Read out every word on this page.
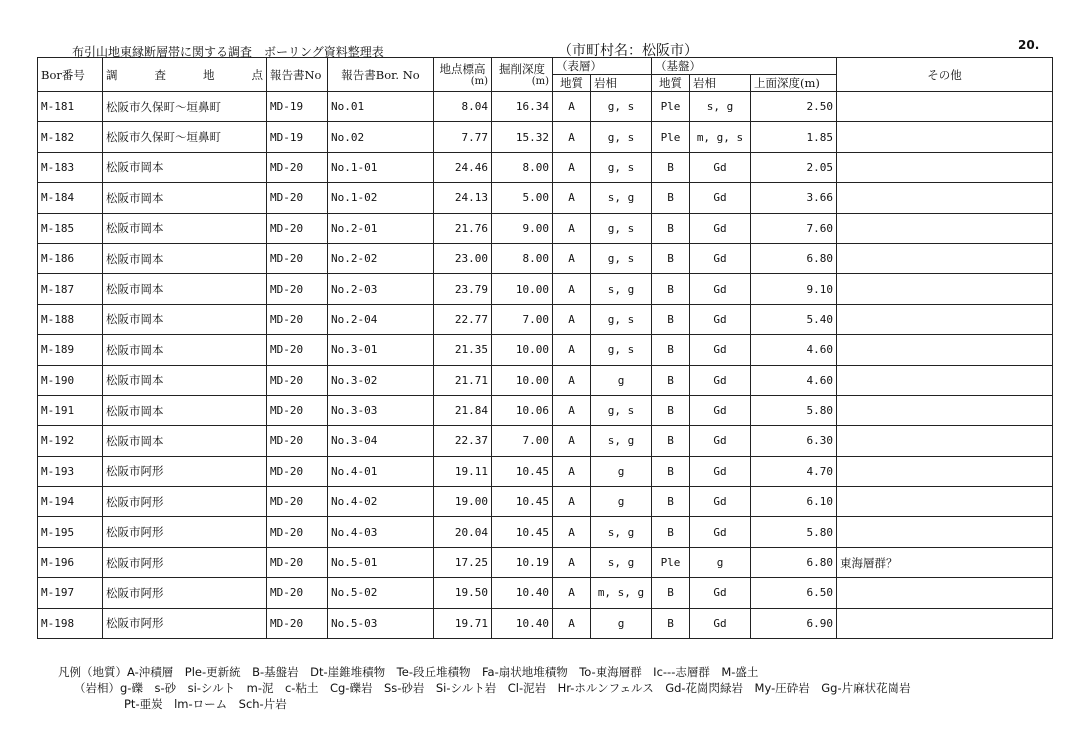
布引山地東縁断層帯に関する調査　ボーリング資料整理表	（市町村名：松阪市）	20.
Bor番号	調 査 地 点	報告書No	報告書Bor. No	地点標高
(m)	掘削深度
(m)	（表層）		（基盤）			その他
						地質	岩相	地質	岩相	上面深度(m)	
M-181	松阪市久保町～垣鼻町	MD-19	No.01	8.04	16.34	A	g, s	Ple	s, g	2.50	
M-182	松阪市久保町～垣鼻町	MD-19	No.02	7.77	15.32	A	g, s	Ple	m, g, s	1.85	
M-183	松阪市岡本	MD-20	No.1-01	24.46	8.00	A	g, s	B	Gd	2.05	
M-184	松阪市岡本	MD-20	No.1-02	24.13	5.00	A	s, g	B	Gd	3.66	
M-185	松阪市岡本	MD-20	No.2-01	21.76	9.00	A	g, s	B	Gd	7.60	
M-186	松阪市岡本	MD-20	No.2-02	23.00	8.00	A	g, s	B	Gd	6.80	
M-187	松阪市岡本	MD-20	No.2-03	23.79	10.00	A	s, g	B	Gd	9.10	
M-188	松阪市岡本	MD-20	No.2-04	22.77	7.00	A	g, s	B	Gd	5.40	
M-189	松阪市岡本	MD-20	No.3-01	21.35	10.00	A	g, s	B	Gd	4.60	
M-190	松阪市岡本	MD-20	No.3-02	21.71	10.00	A	g	B	Gd	4.60	
M-191	松阪市岡本	MD-20	No.3-03	21.84	10.06	A	g, s	B	Gd	5.80	
M-192	松阪市岡本	MD-20	No.3-04	22.37	7.00	A	s, g	B	Gd	6.30	
M-193	松阪市阿形	MD-20	No.4-01	19.11	10.45	A	g	B	Gd	4.70	
M-194	松阪市阿形	MD-20	No.4-02	19.00	10.45	A	g	B	Gd	6.10	
M-195	松阪市阿形	MD-20	No.4-03	20.04	10.45	A	s, g	B	Gd	5.80	
M-196	松阪市阿形	MD-20	No.5-01	17.25	10.19	A	s, g	Ple	g	6.80	東海層群？
M-197	松阪市阿形	MD-20	No.5-02	19.50	10.40	A	m, s, g	B	Gd	6.50	
M-198	松阪市阿形	MD-20	No.5-03	19.71	10.40	A	g	B	Gd	6.90	
凡例（地質）A-沖積層　Ple-更新統　B-基盤岩　Dt-崖錐堆積物　Te-段丘堆積物　Fa-扇状地堆積物　To-東海層群　Ic---志層群　M-盛土
（岩相）g-礫　s-砂　si-シルト　m-泥　c-粘土　Cg-礫岩　Ss-砂岩　Si-シルト岩　Cl-泥岩　Hr-ホルンフェルス　Gd-花崗閃緑岩　My-圧砕岩　Gg-片麻状花崗岩
Pt-亜炭　lm-ローム　Sch-片岩
